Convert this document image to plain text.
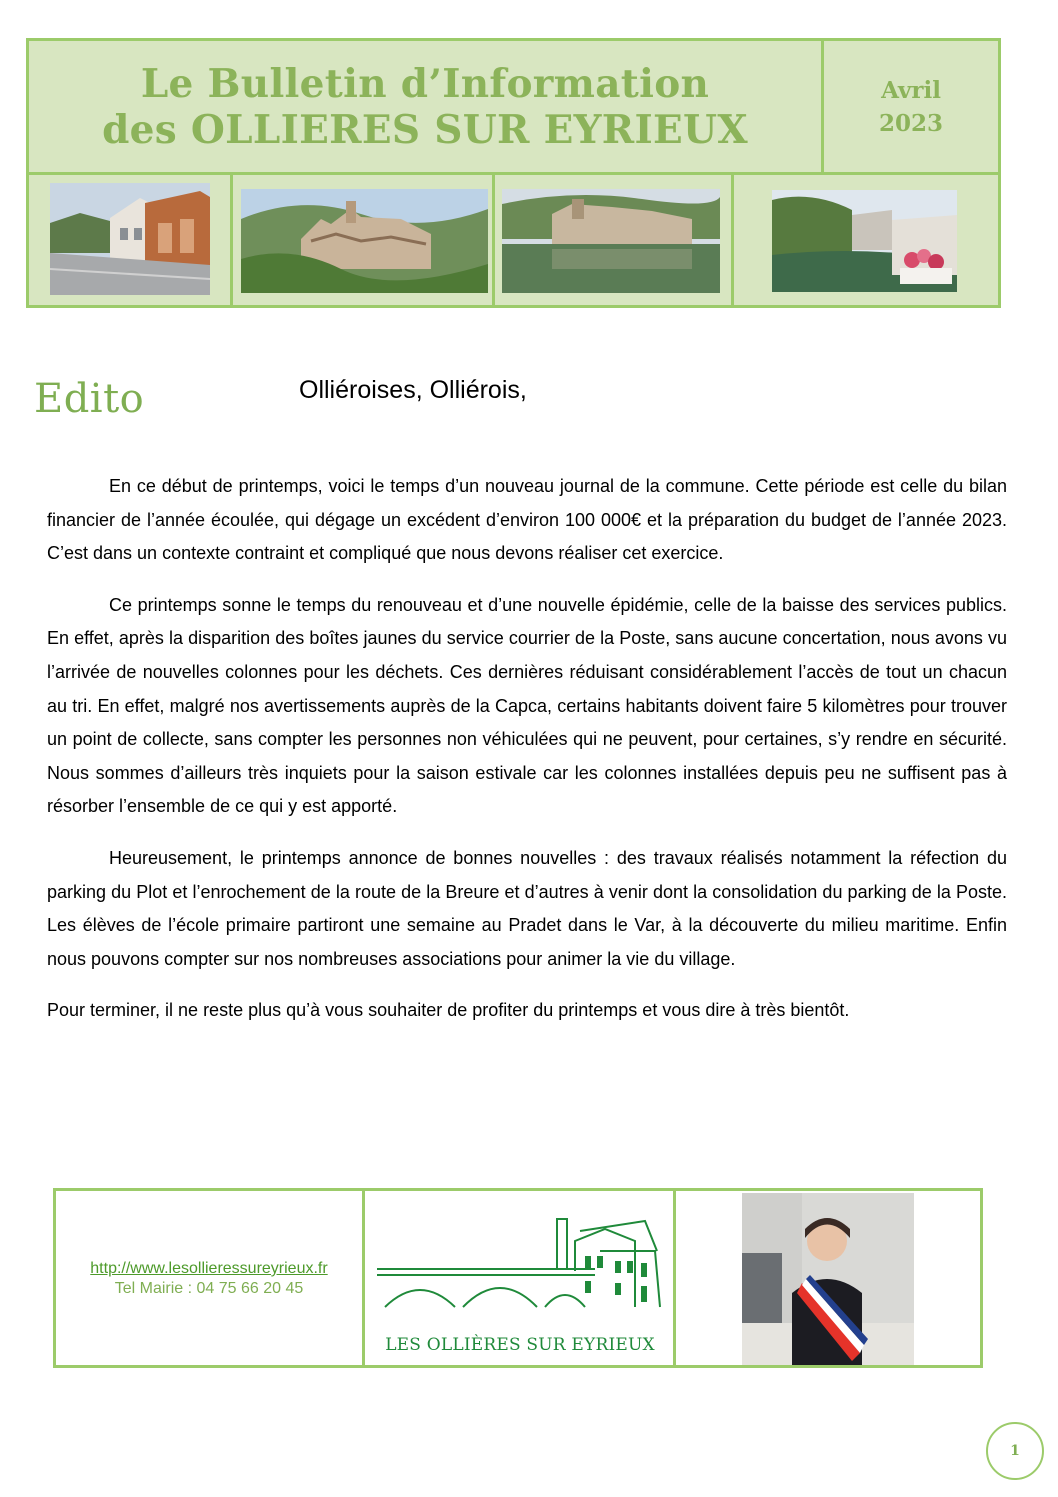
Le Bulletin d’Information
des OLLIERES SUR EYRIEUX
Avril
2023
Edito	Olliéroises, Olliérois,

En ce début de printemps, voici le temps d’un nouveau journal de la commune. Cette période est celle du bilan financier de l’année écoulée, qui dégage un excédent d’environ 100 000€ et la préparation du budget de l’année 2023. C’est dans un contexte contraint et compliqué que nous devons réaliser cet exercice.

Ce printemps sonne le temps du renouveau et d’une nouvelle épidémie, celle de la baisse des services publics. En effet, après la disparition des boîtes jaunes du service courrier de la Poste, sans aucune concertation, nous avons vu l’arrivée de nouvelles colonnes pour les déchets. Ces dernières réduisant considérablement l’accès de tout un chacun au tri. En effet, malgré nos avertissements auprès de la Capca, certains habitants doivent faire 5 kilomètres pour trouver un point de collecte, sans compter les personnes non véhiculées qui ne peuvent, pour certaines, s’y rendre en sécurité. Nous sommes d’ailleurs très inquiets pour la saison estivale car les colonnes installées depuis peu ne suffisent pas à résorber l’ensemble de ce qui y est apporté.

Heureusement, le printemps annonce de bonnes nouvelles : des travaux réalisés notamment la réfection du parking du Plot et l’enrochement de la route de la Breure et d’autres à venir dont la consolidation du parking de la Poste. Les élèves de l’école primaire partiront une semaine au Pradet dans le Var, à la découverte du milieu maritime. Enfin nous pouvons compter sur nos nombreuses associations pour animer la vie du village.

Pour terminer, il ne reste plus qu’à vous souhaiter de profiter du printemps et vous dire à très bientôt.

http://www.lesollieressureyrieux.fr
Tel Mairie : 04 75 66 20 45
LES OLLIÈRES SUR EYRIEUX
1
